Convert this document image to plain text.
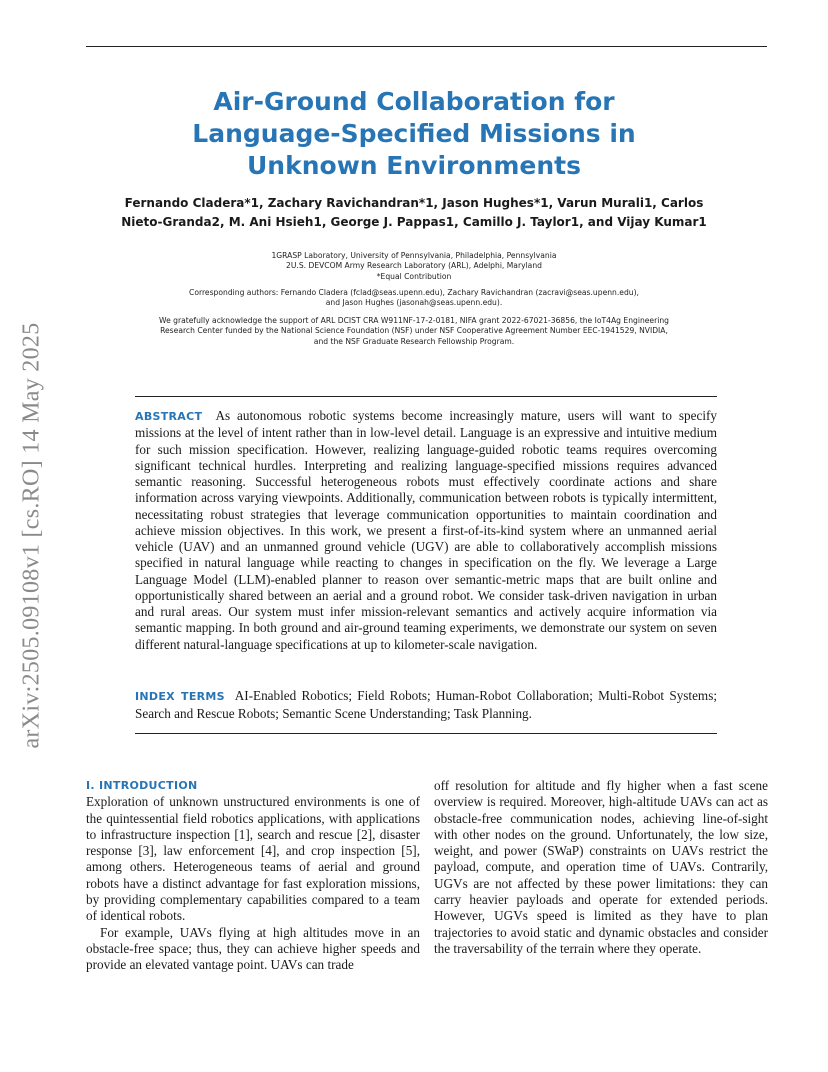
arXiv:2505.09108v1 [cs.RO] 14 May 2025
Air-Ground Collaboration for
Language-Specified Missions in
Unknown Environments
Fernando Cladera*1, Zachary Ravichandran*1, Jason Hughes*1, Varun Murali1, Carlos
Nieto-Granda2, M. Ani Hsieh1, George J. Pappas1, Camillo J. Taylor1, and Vijay Kumar1
1GRASP Laboratory, University of Pennsylvania, Philadelphia, Pennsylvania
2U.S. DEVCOM Army Research Laboratory (ARL), Adelphi, Maryland
*Equal Contribution
Corresponding authors: Fernando Cladera (fclad@seas.upenn.edu), Zachary Ravichandran (zacravi@seas.upenn.edu),
and Jason Hughes (jasonah@seas.upenn.edu).
We gratefully acknowledge the support of ARL DCIST CRA W911NF-17-2-0181, NIFA grant 2022-67021-36856, the IoT4Ag Engineering
Research Center funded by the National Science Foundation (NSF) under NSF Cooperative Agreement Number EEC-1941529, NVIDIA,
and the NSF Graduate Research Fellowship Program.
ABSTRACT As autonomous robotic systems become increasingly mature, users will want to specify missions at the level of intent rather than in low-level detail. Language is an expressive and intuitive medium for such mission specification. However, realizing language-guided robotic teams requires overcoming significant technical hurdles. Interpreting and realizing language-specified missions requires advanced semantic reasoning. Successful heterogeneous robots must effectively coordinate actions and share information across varying viewpoints. Additionally, communication between robots is typically intermittent, necessitating robust strategies that leverage communication opportunities to maintain coordination and achieve mission objectives. In this work, we present a first-of-its-kind system where an unmanned aerial vehicle (UAV) and an unmanned ground vehicle (UGV) are able to collaboratively accomplish missions specified in natural language while reacting to changes in specification on the fly. We leverage a Large Language Model (LLM)-enabled planner to reason over semantic-metric maps that are built online and opportunistically shared between an aerial and a ground robot. We consider task-driven navigation in urban and rural areas. Our system must infer mission-relevant semantics and actively acquire information via semantic mapping. In both ground and air-ground teaming experiments, we demonstrate our system on seven different natural-language specifications at up to kilometer-scale navigation.
INDEX TERMS AI-Enabled Robotics; Field Robots; Human-Robot Collaboration; Multi-Robot Systems; Search and Rescue Robots; Semantic Scene Understanding; Task Planning.
I. INTRODUCTION

Exploration of unknown unstructured environments is one of the quintessential field robotics applications, with applications to infrastructure inspection [1], search and rescue [2], disaster response [3], law enforcement [4], and crop inspection [5], among others. Heterogeneous teams of aerial and ground robots have a distinct advantage for fast exploration missions, by providing complementary capabilities compared to a team of identical robots.

For example, UAVs flying at high altitudes move in an obstacle-free space; thus, they can achieve higher speeds and provide an elevated vantage point. UAVs can trade

off resolution for altitude and fly higher when a fast scene overview is required. Moreover, high-altitude UAVs can act as obstacle-free communication nodes, achieving line-of-sight with other nodes on the ground. Unfortunately, the low size, weight, and power (SWaP) constraints on UAVs restrict the payload, compute, and operation time of UAVs. Contrarily, UGVs are not affected by these power limitations: they can carry heavier payloads and operate for extended periods. However, UGVs speed is limited as they have to plan trajectories to avoid static and dynamic obstacles and consider the traversability of the terrain where they operate.
